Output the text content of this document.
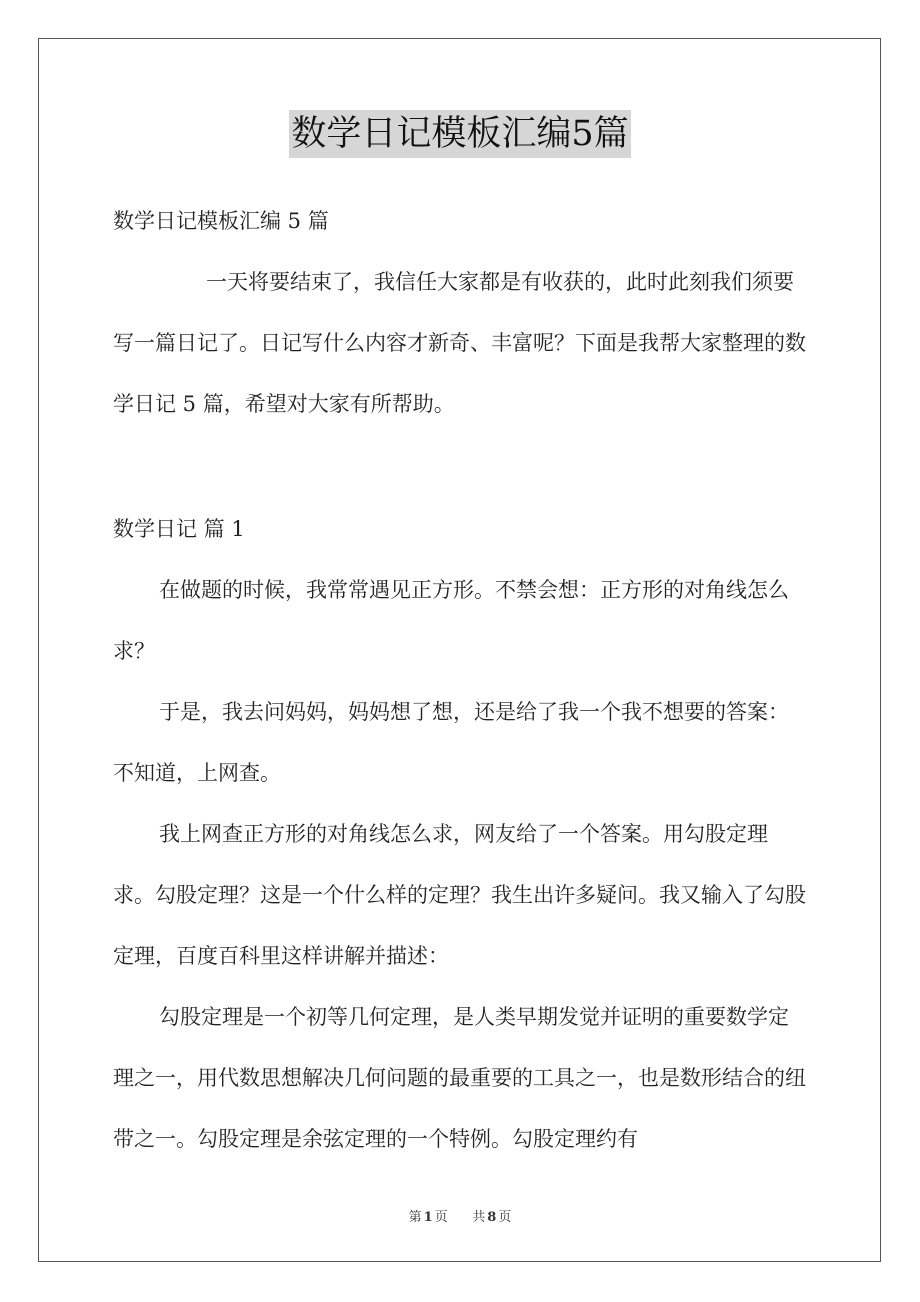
数学日记模板汇编5篇

数学日记模板汇编 5 篇

一天将要结束了，我信任大家都是有收获的，此时此刻我们须要写一篇日记了。日记写什么内容才新奇、丰富呢？下面是我帮大家整理的数学日记 5 篇，希望对大家有所帮助。

数学日记 篇 1

在做题的时候，我常常遇见正方形。不禁会想：正方形的对角线怎么求？

于是，我去问妈妈，妈妈想了想，还是给了我一个我不想要的答案：不知道，上网查。

我上网查正方形的对角线怎么求，网友给了一个答案。用勾股定理求。勾股定理？这是一个什么样的定理？我生出许多疑问。我又输入了勾股定理，百度百科里这样讲解并描述：

勾股定理是一个初等几何定理，是人类早期发觉并证明的重要数学定理之一，用代数思想解决几何问题的最重要的工具之一，也是数形结合的纽带之一。勾股定理是余弦定理的一个特例。勾股定理约有

第 1 页 共 8 页
